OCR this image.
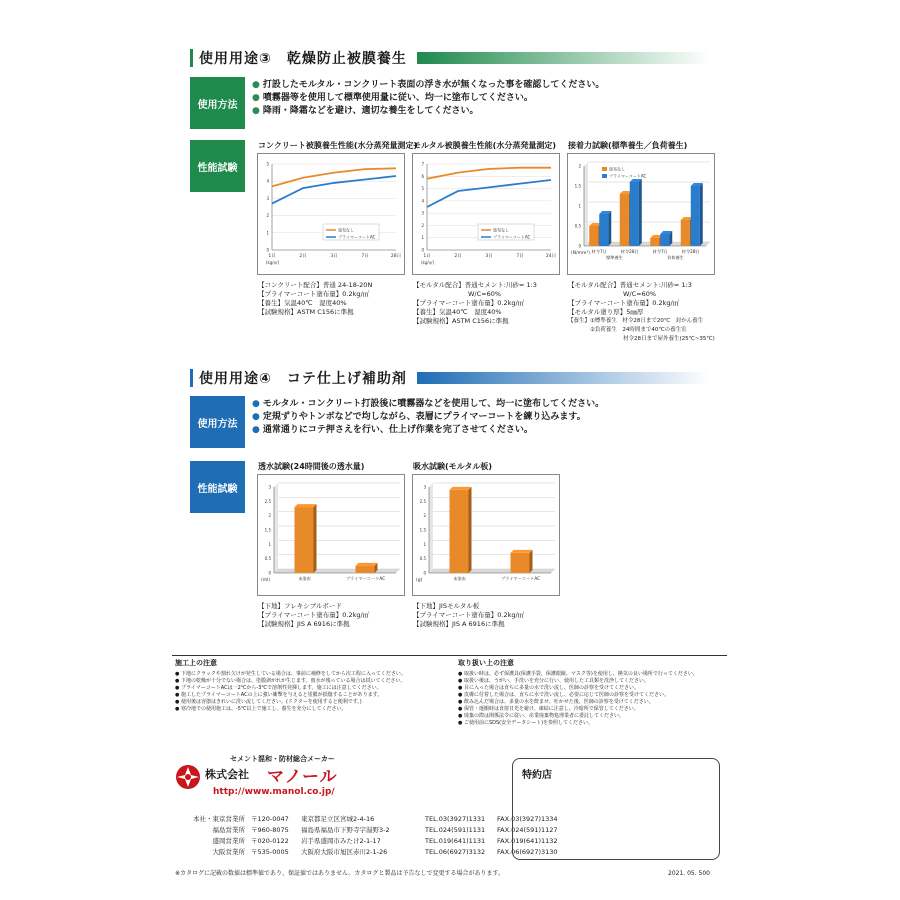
使用用途③　乾燥防止被膜養生
使用方法
● 打設したモルタル・コンクリート表面の浮き水が無くなった事を確認してください。
● 噴霧器等を使用して標準使用量に従い、均一に塗布してください。
● 降雨・降霜などを避け、適切な養生をしてください。
性能試験
コンクリート被膜養生性能(水分蒸発量測定)
モルタル被膜養生性能(水分蒸発量測定) 接着力試験(標準養生／負荷養生)
0
1
2
3
4
5
1日	2日	3日	7日	28日
(kg/㎡)
塗布なし
プライマーコートAC
0
1
2
3
4
5
6
7
1日	2日	3日	7日	24日
(kg/㎡)
塗布なし
プライマーコートAC
0
0.5
1
1.5
2
(N/mm²) 材令7日	材令28日	材令7日	材令28日
標準養生	負荷養生
塗布なし
プライマーコートAC
【コンクリート配合】普通 24-18-20N
【プライマーコート塗布量】0.2kg/㎡
【養生】気温40℃　湿度40%
【試験規格】ASTM C156に準拠
【モルタル配合】普通セメント:川砂= 1:3
W/C=60%
【プライマーコート塗布量】0.2kg/㎡
【養生】気温40℃　湿度40%
【試験規格】ASTM C156に準拠
【モルタル配合】普通セメント:川砂= 1:3
W/C=60%
【プライマーコート塗布量】0.2kg/㎡
【モルタル塗り厚】5㎜厚
【養生】①標準養生　材令28日まで20℃　封かん養生
②負荷養生　24時間まで40℃の養生室
材令28日まで屋外養生(25℃~35℃)
使用用途④　コテ仕上げ補助剤
使用方法
● モルタル・コンクリート打設後に噴霧器などを使用して、均一に塗布してください。
● 定規ずりやトンボなどで均しながら、表層にプライマーコートを練り込みます。
● 通常通りにコテ押さえを行い、仕上げ作業を完了させてください。
性能試験
透水試験(24時間後の透水量)	吸水試験(モルタル板)
0
0.5
1
1.5
2
2.5
3
(ml)	未塗布	プライマーコートAC
0
0.5
1
1.5
2
2.5
3
(g)	未塗布	プライマーコートAC
【下地】フレキシブルボード
【プライマーコート塗布量】0.2kg/㎡
【試験規格】JIS A 6916に準拠
【下地】JISモルタル板
【プライマーコート塗布量】0.2kg/㎡
【試験規格】JIS A 6916に準拠
施工上の注意
● 下地にクラックや割れ欠けが発生している場合は、事前に補修をしてから次工程に入ってください。
● 下地の乾燥が十分でない場合は、塗膜剥がれが生じます。雨水が残っている場合は拭いてください。
● プライマーコートACは一2℃から-3℃で溶剤性発揮します。施工には注意してください。
● 施工したプライマーコートACの上に強い衝撃を与えると塗膜が損傷することがあります。
● 使用後は容器はきれいに洗い流してください。(ドクターを使用すると便利です。)
● 寒冷地での使用施工は、-5℃以上で施工し、養生を充分にしてください。
取り扱い上の注意
● 取扱い時は、必ず保護具(保護手袋、保護眼鏡、マスク等)を使用し、換気の良い場所で行ってください。
● 取扱い後は、うがい、手洗いを充分に行い、使用した工具類を洗浄してください。
● 目に入った場合は直ちに多量の水で洗い流し、医師の診察を受けてください。
● 皮膚に付着した場合は、直ちに水で洗い流し、必要に応じて医師の診察を受けてください。
● 飲み込んだ場合は、多量の水を飲ませ、吐かせた後、医師の診察を受けてください。
● 保管・運搬時は直射日光を避け、凍結に注意し、冷暗所で保管してください。
● 廃棄の際は関係法令に従い、産業廃棄物処理業者に委託してください。
● ご使用前にSDS(安全データシート)を参照してください。
セメント混和・防材総合メーカー
株式会社 マノール
http://www.manol.co.jp/
本社・東京営業所 〒120-0047	東京都足立区宮城2-4-16	TEL.03(3927)1331	FAX.03(3927)1334
福島営業所 〒960-8075	福島県福島市下野寺字湯野3-2	TEL.024(591)1131	FAX.024(591)1127
盛岡営業所 〒020-0122	岩手県盛岡市みたけ2-1-17	TEL.019(641)1131	FAX.019(641)1132
大阪営業所 〒535-0005	大阪府大阪市旭区赤川2-1-26	TEL.06(6927)3132	FAX.06(6927)3130
特約店
※カタログに記載の数値は標準値であり、保証値ではありません。カタログと製品は予告なしで変更する場合があります。	2021. 05. 500
